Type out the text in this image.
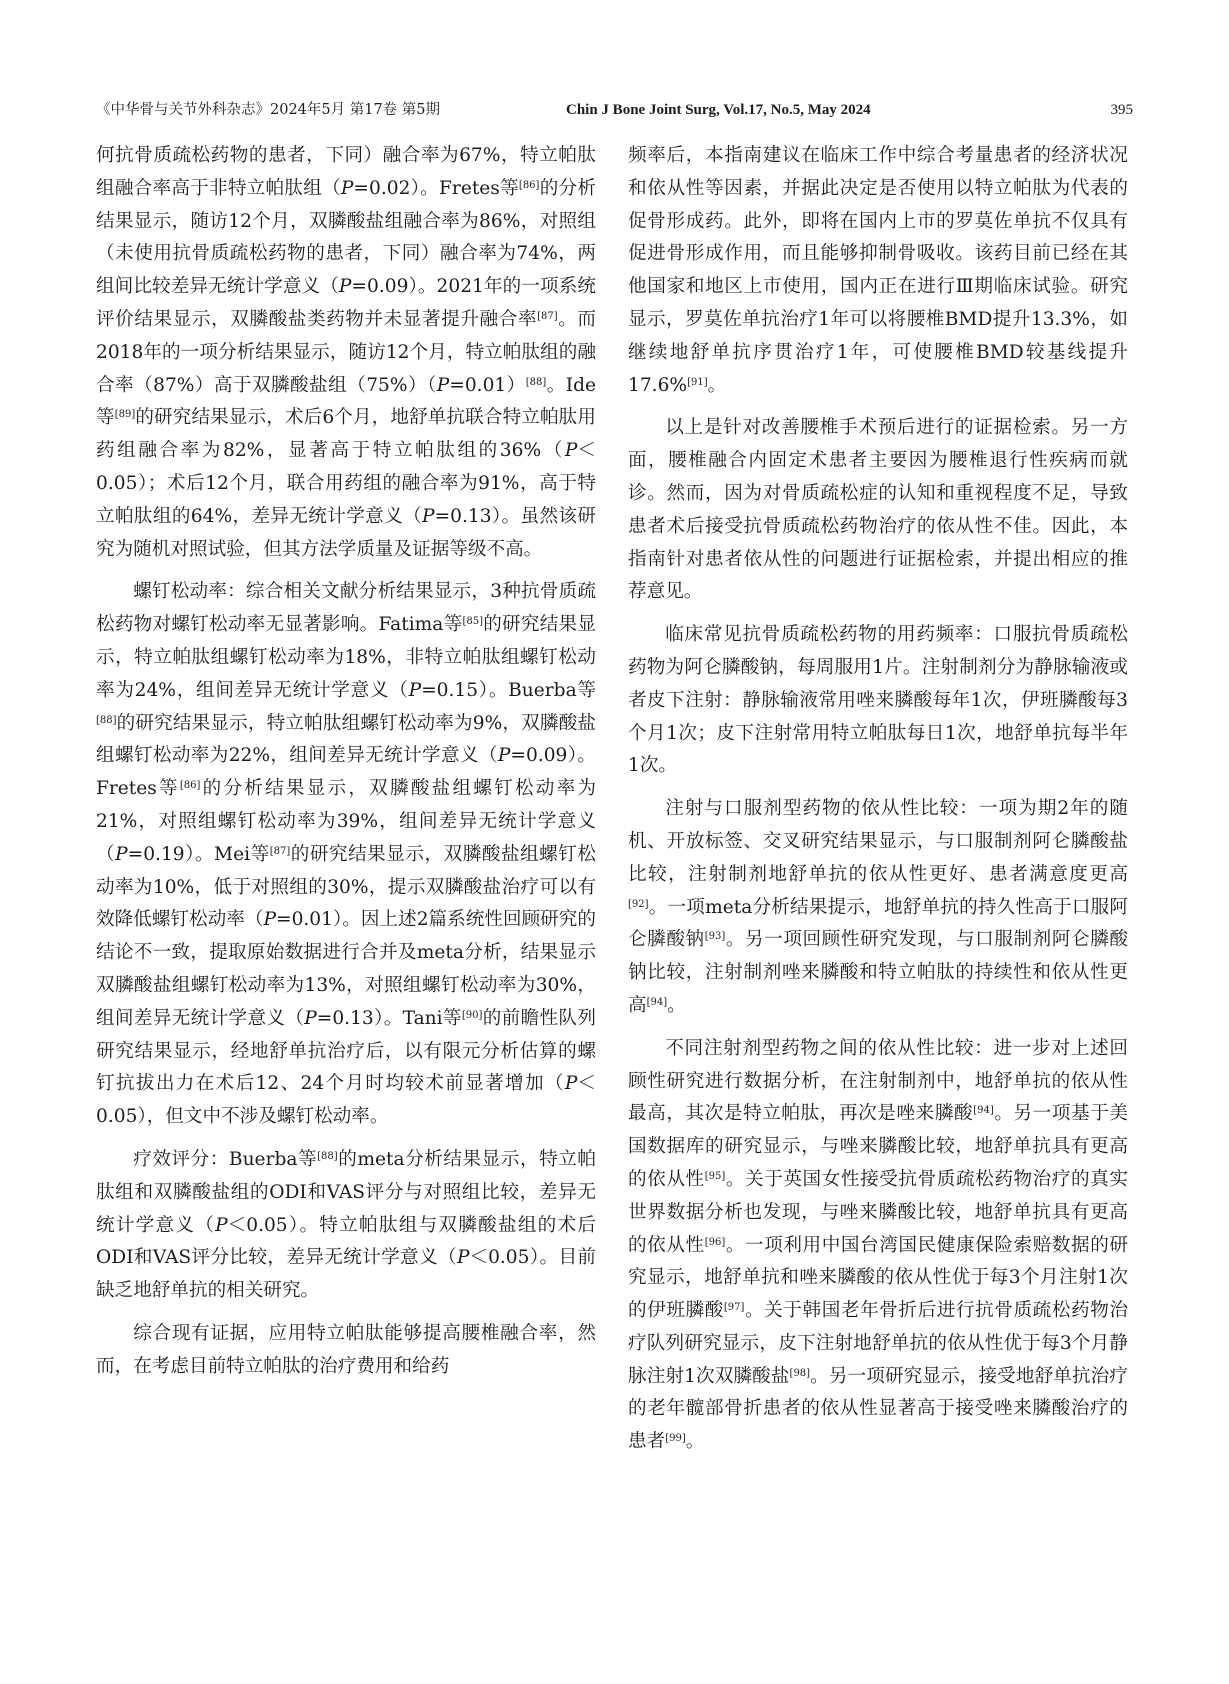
《中华骨与关节外科杂志》2024年5月 第17卷 第5期	Chin J Bone Joint Surg, Vol.17, No.5, May 2024	395

何抗骨质疏松药物的患者，下同）融合率为67%，特立帕肽组融合率高于非特立帕肽组（P=0.02）。Fretes等[86]的分析结果显示，随访12个月，双膦酸盐组融合率为86%，对照组（未使用抗骨质疏松药物的患者，下同）融合率为74%，两组间比较差异无统计学意义（P=0.09）。2021年的一项系统评价结果显示，双膦酸盐类药物并未显著提升融合率[87]。而2018年的一项分析结果显示，随访12个月，特立帕肽组的融合率（87%）高于双膦酸盐组（75%）（P=0.01）[88]。Ide等[89]的研究结果显示，术后6个月，地舒单抗联合特立帕肽用药组融合率为82%，显著高于特立帕肽组的36%（P＜0.05）；术后12个月，联合用药组的融合率为91%，高于特立帕肽组的64%，差异无统计学意义（P=0.13）。虽然该研究为随机对照试验，但其方法学质量及证据等级不高。

螺钉松动率：综合相关文献分析结果显示，3种抗骨质疏松药物对螺钉松动率无显著影响。Fatima等[85]的研究结果显示，特立帕肽组螺钉松动率为18%，非特立帕肽组螺钉松动率为24%，组间差异无统计学意义（P=0.15）。Buerba等[88]的研究结果显示，特立帕肽组螺钉松动率为9%，双膦酸盐组螺钉松动率为22%，组间差异无统计学意义（P=0.09）。Fretes等[86]的分析结果显示，双膦酸盐组螺钉松动率为21%，对照组螺钉松动率为39%，组间差异无统计学意义（P=0.19）。Mei等[87]的研究结果显示，双膦酸盐组螺钉松动率为10%，低于对照组的30%，提示双膦酸盐治疗可以有效降低螺钉松动率（P=0.01）。因上述2篇系统性回顾研究的结论不一致，提取原始数据进行合并及meta分析，结果显示双膦酸盐组螺钉松动率为13%，对照组螺钉松动率为30%，组间差异无统计学意义（P=0.13）。Tani等[90]的前瞻性队列研究结果显示，经地舒单抗治疗后，以有限元分析估算的螺钉抗拔出力在术后12、24个月时均较术前显著增加（P＜0.05），但文中不涉及螺钉松动率。

疗效评分：Buerba等[88]的meta分析结果显示，特立帕肽组和双膦酸盐组的ODI和VAS评分与对照组比较，差异无统计学意义（P＜0.05）。特立帕肽组与双膦酸盐组的术后ODI和VAS评分比较，差异无统计学意义（P＜0.05）。目前缺乏地舒单抗的相关研究。

综合现有证据，应用特立帕肽能够提高腰椎融合率，然而，在考虑目前特立帕肽的治疗费用和给药

频率后，本指南建议在临床工作中综合考量患者的经济状况和依从性等因素，并据此决定是否使用以特立帕肽为代表的促骨形成药。此外，即将在国内上市的罗莫佐单抗不仅具有促进骨形成作用，而且能够抑制骨吸收。该药目前已经在其他国家和地区上市使用，国内正在进行Ⅲ期临床试验。研究显示，罗莫佐单抗治疗1年可以将腰椎BMD提升13.3%，如继续地舒单抗序贯治疗1年，可使腰椎BMD较基线提升17.6%[91]。

以上是针对改善腰椎手术预后进行的证据检索。另一方面，腰椎融合内固定术患者主要因为腰椎退行性疾病而就诊。然而，因为对骨质疏松症的认知和重视程度不足，导致患者术后接受抗骨质疏松药物治疗的依从性不佳。因此，本指南针对患者依从性的问题进行证据检索，并提出相应的推荐意见。

临床常见抗骨质疏松药物的用药频率：口服抗骨质疏松药物为阿仑膦酸钠，每周服用1片。注射制剂分为静脉输液或者皮下注射：静脉输液常用唑来膦酸每年1次，伊班膦酸每3个月1次；皮下注射常用特立帕肽每日1次，地舒单抗每半年1次。

注射与口服剂型药物的依从性比较：一项为期2年的随机、开放标签、交叉研究结果显示，与口服制剂阿仑膦酸盐比较，注射制剂地舒单抗的依从性更好、患者满意度更高[92]。一项meta分析结果提示，地舒单抗的持久性高于口服阿仑膦酸钠[93]。另一项回顾性研究发现，与口服制剂阿仑膦酸钠比较，注射制剂唑来膦酸和特立帕肽的持续性和依从性更高[94]。

不同注射剂型药物之间的依从性比较：进一步对上述回顾性研究进行数据分析，在注射制剂中，地舒单抗的依从性最高，其次是特立帕肽，再次是唑来膦酸[94]。另一项基于美国数据库的研究显示，与唑来膦酸比较，地舒单抗具有更高的依从性[95]。关于英国女性接受抗骨质疏松药物治疗的真实世界数据分析也发现，与唑来膦酸比较，地舒单抗具有更高的依从性[96]。一项利用中国台湾国民健康保险索赔数据的研究显示，地舒单抗和唑来膦酸的依从性优于每3个月注射1次的伊班膦酸[97]。关于韩国老年骨折后进行抗骨质疏松药物治疗队列研究显示，皮下注射地舒单抗的依从性优于每3个月静脉注射1次双膦酸盐[98]。另一项研究显示，接受地舒单抗治疗的老年髋部骨折患者的依从性显著高于接受唑来膦酸治疗的患者[99]。
